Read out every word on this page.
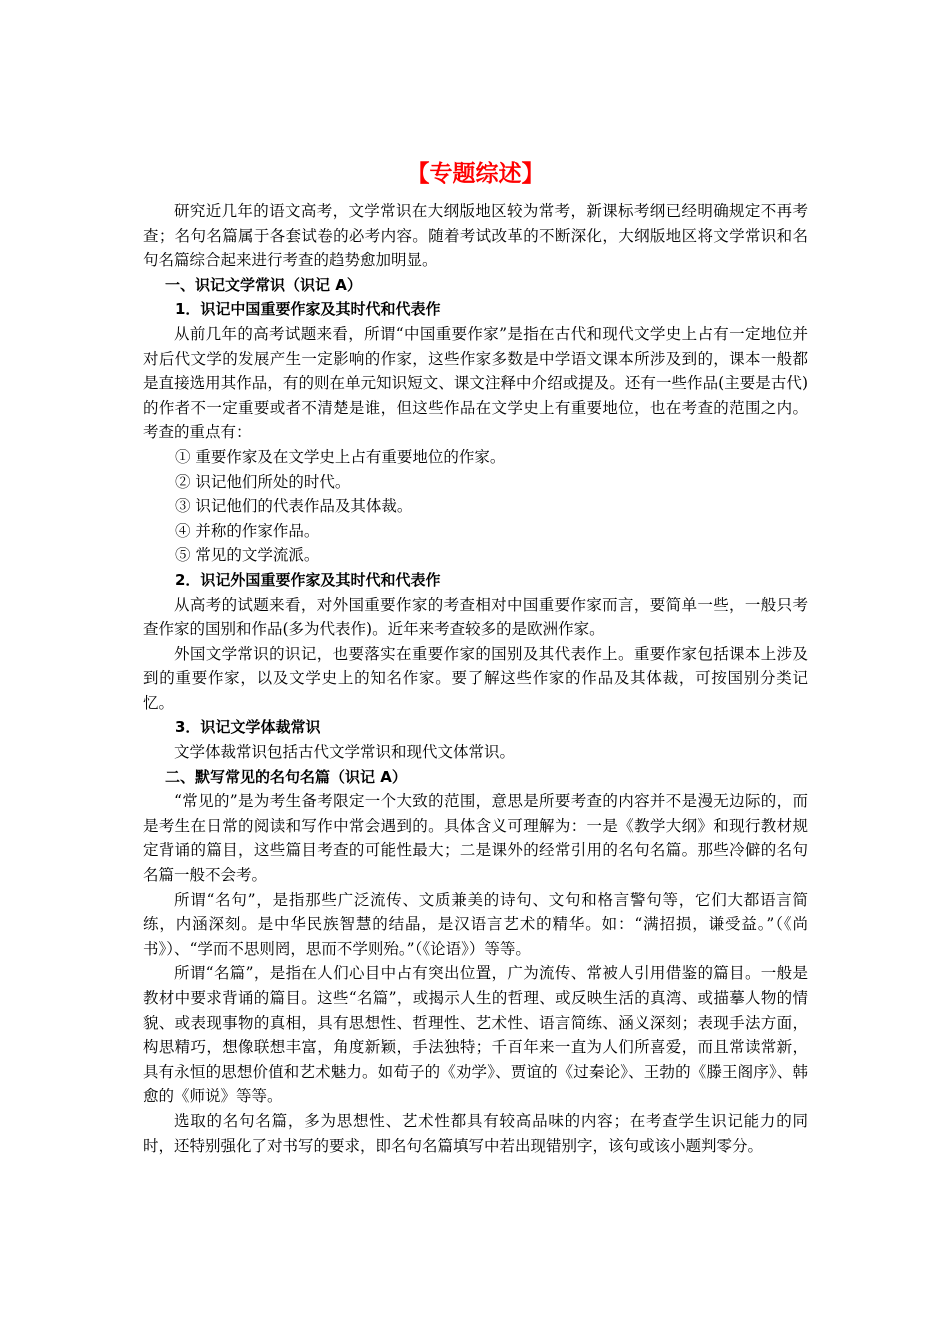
【专题综述】

研究近几年的语文高考，文学常识在大纲版地区较为常考，新课标考纲已经明确规定不再考查；名句名篇属于各套试卷的必考内容。随着考试改革的不断深化，大纲版地区将文学常识和名句名篇综合起来进行考查的趋势愈加明显。

一、识记文学常识（识记 A）

1．识记中国重要作家及其时代和代表作

从前几年的高考试题来看，所谓“中国重要作家”是指在古代和现代文学史上占有一定地位并对后代文学的发展产生一定影响的作家，这些作家多数是中学语文课本所涉及到的，课本一般都是直接选用其作品，有的则在单元知识短文、课文注释中介绍或提及。还有一些作品(主要是古代)的作者不一定重要或者不清楚是谁，但这些作品在文学史上有重要地位，也在考查的范围之内。考查的重点有：

① 重要作家及在文学史上占有重要地位的作家。

② 识记他们所处的时代。

③ 识记他们的代表作品及其体裁。

④ 并称的作家作品。

⑤ 常见的文学流派。

2．识记外国重要作家及其时代和代表作

从高考的试题来看，对外国重要作家的考查相对中国重要作家而言，要简单一些，一般只考查作家的国别和作品(多为代表作)。近年来考查较多的是欧洲作家。

外国文学常识的识记，也要落实在重要作家的国别及其代表作上。重要作家包括课本上涉及到的重要作家，以及文学史上的知名作家。要了解这些作家的作品及其体裁，可按国别分类记忆。

3．识记文学体裁常识

文学体裁常识包括古代文学常识和现代文体常识。

二、默写常见的名句名篇（识记 A）

“常见的”是为考生备考限定一个大致的范围，意思是所要考查的内容并不是漫无边际的，而是考生在日常的阅读和写作中常会遇到的。具体含义可理解为：一是《教学大纲》和现行教材规定背诵的篇目，这些篇目考查的可能性最大；二是课外的经常引用的名句名篇。那些冷僻的名句名篇一般不会考。

所谓“名句”，是指那些广泛流传、文质兼美的诗句、文句和格言警句等，它们大都语言简练，内涵深刻。是中华民族智慧的结晶，是汉语言艺术的精华。如：“满招损，谦受益。”（《尚书》）、“学而不思则罔，思而不学则殆。”（《论语》）等等。

所谓“名篇”，是指在人们心目中占有突出位置，广为流传、常被人引用借鉴的篇目。一般是教材中要求背诵的篇目。这些“名篇”，或揭示人生的哲理、或反映生活的真湾、或描摹人物的情貌、或表现事物的真相，具有思想性、哲理性、艺术性、语言简练、涵义深刻；表现手法方面，构思精巧，想像联想丰富，角度新颖，手法独特；千百年来一直为人们所喜爱，而且常读常新，具有永恒的思想价值和艺术魅力。如荀子的《劝学》、贾谊的《过秦论》、王勃的《滕王阁序》、韩愈的《师说》等等。

选取的名句名篇，多为思想性、艺术性都具有较高品味的内容；在考查学生识记能力的同时，还特别强化了对书写的要求，即名句名篇填写中若出现错别字，该句或该小题判零分。
